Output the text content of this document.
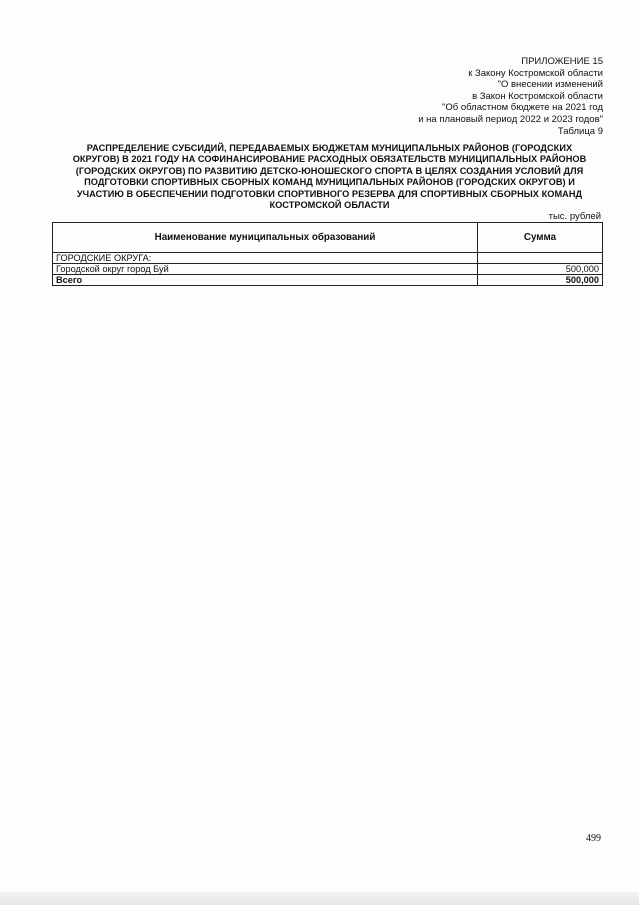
ПРИЛОЖЕНИЕ 15
к Закону Костромской области
"О внесении изменений
в Закон Костромской области
"Об областном бюджете на 2021 год
и на плановый период 2022 и 2023 годов"
Таблица 9
РАСПРЕДЕЛЕНИЕ СУБСИДИЙ, ПЕРЕДАВАЕМЫХ БЮДЖЕТАМ МУНИЦИПАЛЬНЫХ РАЙОНОВ (ГОРОДСКИХ
ОКРУГОВ) В 2021 ГОДУ НА СОФИНАНСИРОВАНИЕ РАСХОДНЫХ ОБЯЗАТЕЛЬСТВ МУНИЦИПАЛЬНЫХ РАЙОНОВ
(ГОРОДСКИХ ОКРУГОВ) ПО РАЗВИТИЮ ДЕТСКО-ЮНОШЕСКОГО СПОРТА В ЦЕЛЯХ СОЗДАНИЯ УСЛОВИЙ ДЛЯ
ПОДГОТОВКИ СПОРТИВНЫХ СБОРНЫХ КОМАНД МУНИЦИПАЛЬНЫХ РАЙОНОВ (ГОРОДСКИХ ОКРУГОВ) И
УЧАСТИЮ В ОБЕСПЕЧЕНИИ ПОДГОТОВКИ СПОРТИВНОГО РЕЗЕРВА ДЛЯ СПОРТИВНЫХ СБОРНЫХ КОМАНД
КОСТРОМСКОЙ ОБЛАСТИ
тыс. рублей
Наименование муниципальных образований	Сумма
ГОРОДСКИЕ ОКРУГА:	
Городской округ город Буй	500,000
Всего	500,000
499
